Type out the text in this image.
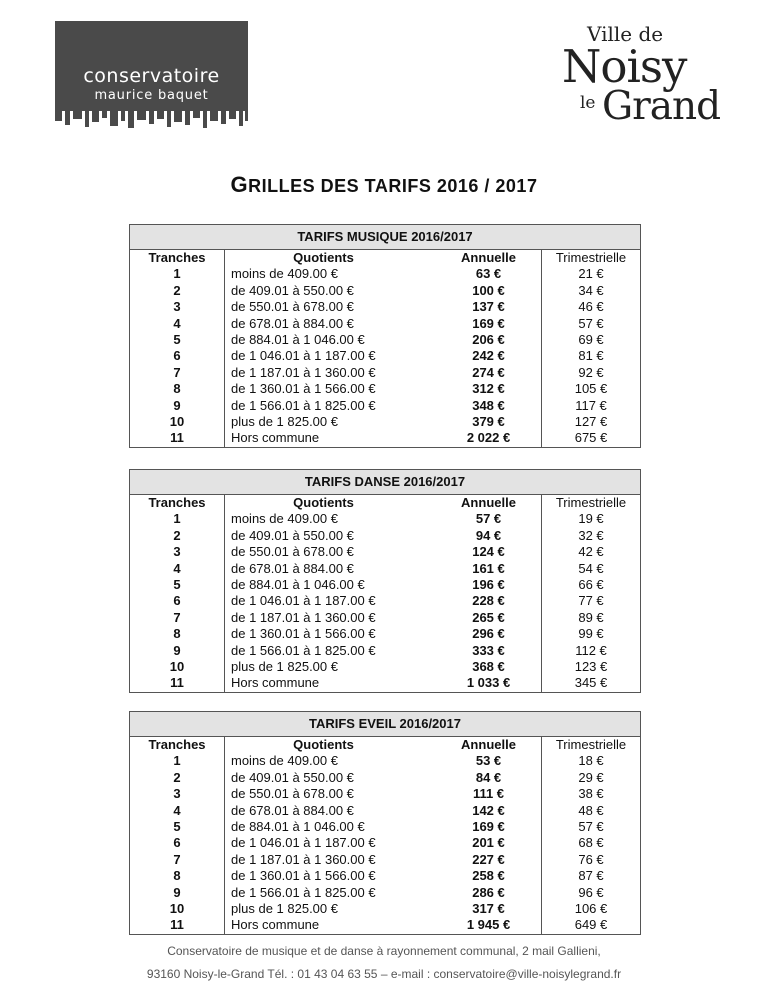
conservatoire
maurice baquet
Ville de
Noisy
le Grand
GRILLES DES TARIFS 2016 / 2017
TARIFS MUSIQUE 2016/2017
Tranches
1
2
3
4
5
6
7
8
9
10
11
Quotients
moins de 409.00 €
de 409.01 à 550.00 €
de 550.01 à 678.00 €
de 678.01 à 884.00 €
de 884.01 à 1 046.00 €
de 1 046.01 à 1 187.00 €
de 1 187.01 à 1 360.00 €
de 1 360.01 à 1 566.00 €
de 1 566.01 à 1 825.00 €
plus de 1 825.00 €
Hors commune
Annuelle
63 €
100 €
137 €
169 €
206 €
242 €
274 €
312 €
348 €
379 €
2 022 €
Trimestrielle
21 €
34 €
46 €
57 €
69 €
81 €
92 €
105 €
117 €
127 €
675 €
TARIFS DANSE 2016/2017
Tranches
1
2
3
4
5
6
7
8
9
10
11
Quotients
moins de 409.00 €
de 409.01 à 550.00 €
de 550.01 à 678.00 €
de 678.01 à 884.00 €
de 884.01 à 1 046.00 €
de 1 046.01 à 1 187.00 €
de 1 187.01 à 1 360.00 €
de 1 360.01 à 1 566.00 €
de 1 566.01 à 1 825.00 €
plus de 1 825.00 €
Hors commune
Annuelle
57 €
94 €
124 €
161 €
196 €
228 €
265 €
296 €
333 €
368 €
1 033 €
Trimestrielle
19 €
32 €
42 €
54 €
66 €
77 €
89 €
99 €
112 €
123 €
345 €
TARIFS EVEIL 2016/2017
Tranches
1
2
3
4
5
6
7
8
9
10
11
Quotients
moins de 409.00 €
de 409.01 à 550.00 €
de 550.01 à 678.00 €
de 678.01 à 884.00 €
de 884.01 à 1 046.00 €
de 1 046.01 à 1 187.00 €
de 1 187.01 à 1 360.00 €
de 1 360.01 à 1 566.00 €
de 1 566.01 à 1 825.00 €
plus de 1 825.00 €
Hors commune
Annuelle
53 €
84 €
111 €
142 €
169 €
201 €
227 €
258 €
286 €
317 €
1 945 €
Trimestrielle
18 €
29 €
38 €
48 €
57 €
68 €
76 €
87 €
96 €
106 €
649 €
Conservatoire de musique et de danse à rayonnement communal, 2 mail Gallieni,
93160 Noisy-le-Grand Tél. : 01 43 04 63 55 – e-mail : conservatoire@ville-noisylegrand.fr
